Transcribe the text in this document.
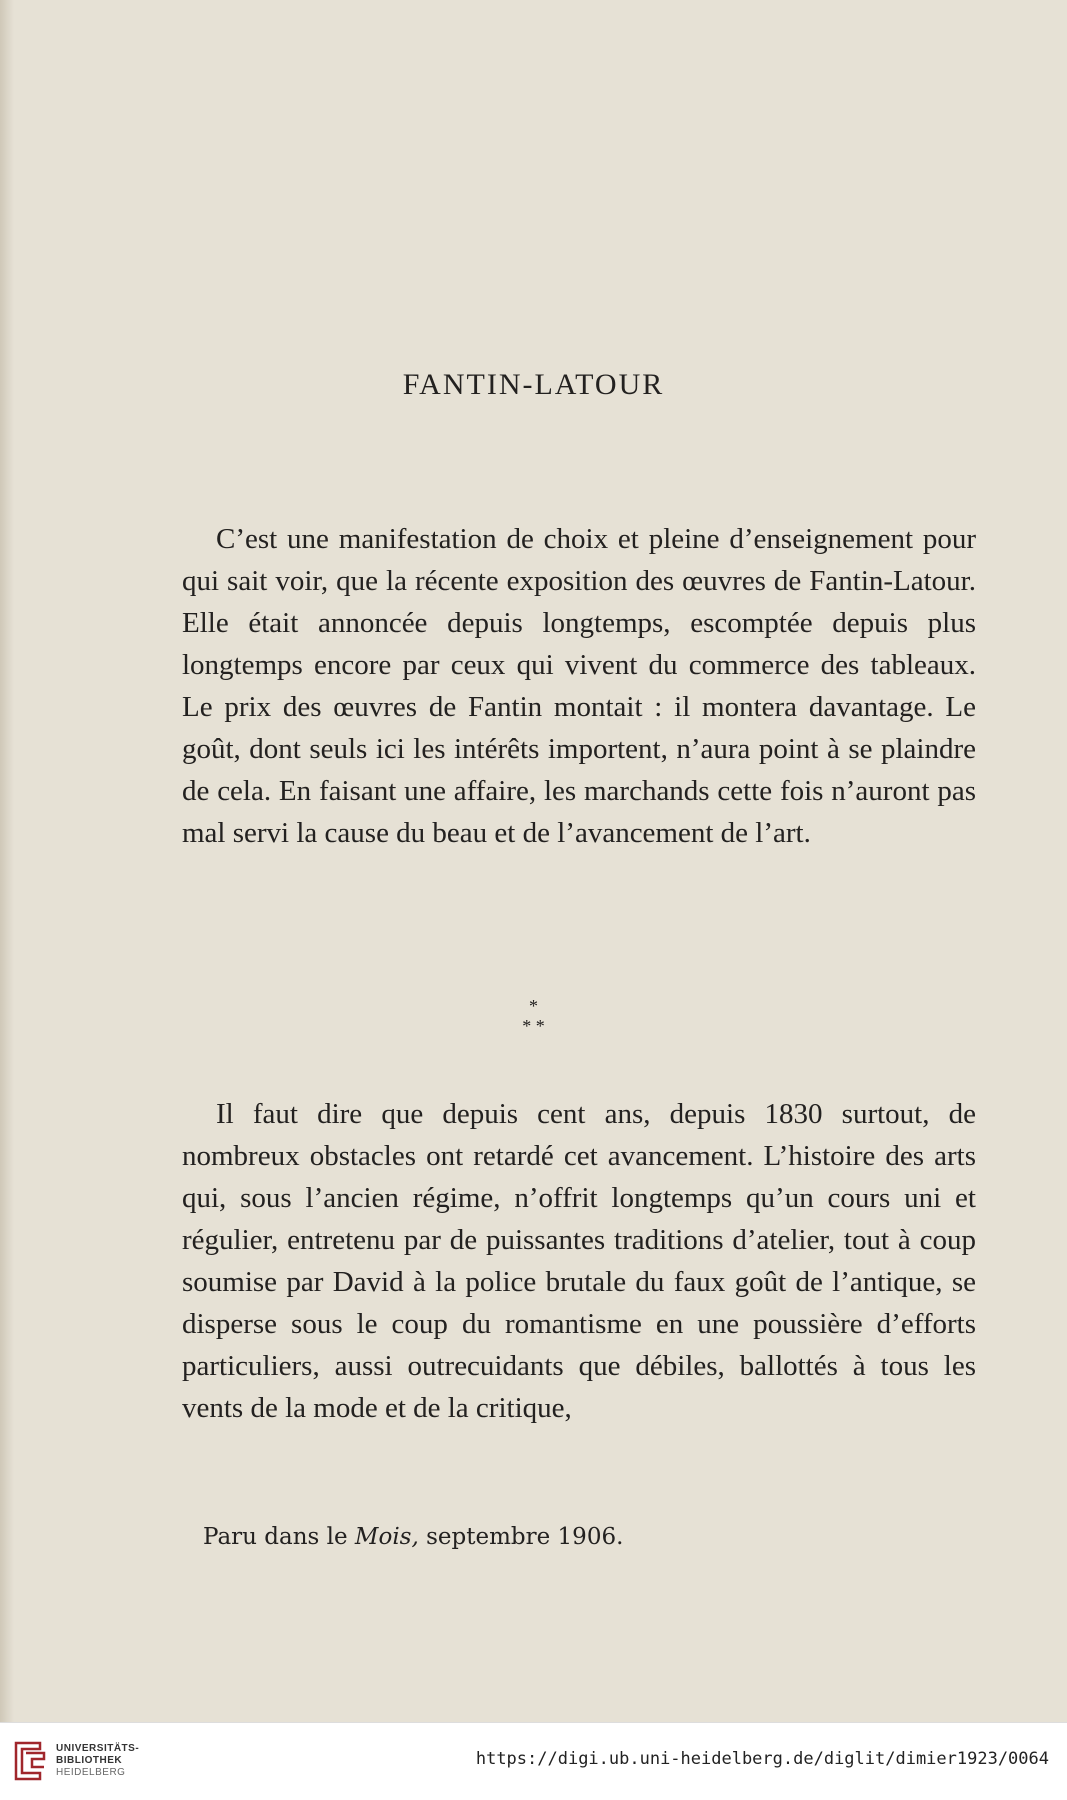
FANTIN-LATOUR

C’est une manifestation de choix et pleine d’enseignement pour qui sait voir, que la récente exposition des œuvres de Fantin-Latour. Elle était annoncée depuis longtemps, escomptée depuis plus longtemps encore par ceux qui vivent du commerce des tableaux. Le prix des œuvres de Fantin montait : il montera davantage. Le goût, dont seuls ici les intérêts importent, n’aura point à se plaindre de cela. En faisant une affaire, les marchands cette fois n’auront pas mal servi la cause du beau et de l’avancement de l’art.

*
* *

Il faut dire que depuis cent ans, depuis 1830 surtout, de nombreux obstacles ont retardé cet avancement. L’histoire des arts qui, sous l’ancien régime, n’offrit longtemps qu’un cours uni et régulier, entretenu par de puissantes traditions d’atelier, tout à coup soumise par David à la police brutale du faux goût de l’antique, se disperse sous le coup du romantisme en une poussière d’efforts particuliers, aussi outrecuidants que débiles, ballottés à tous les vents de la mode et de la critique,

Paru dans le Mois, septembre 1906.
UNIVERSITÄTS-
BIBLIOTHEK
HEIDELBERG
https://digi.ub.uni-heidelberg.de/diglit/dimier1923/0064
